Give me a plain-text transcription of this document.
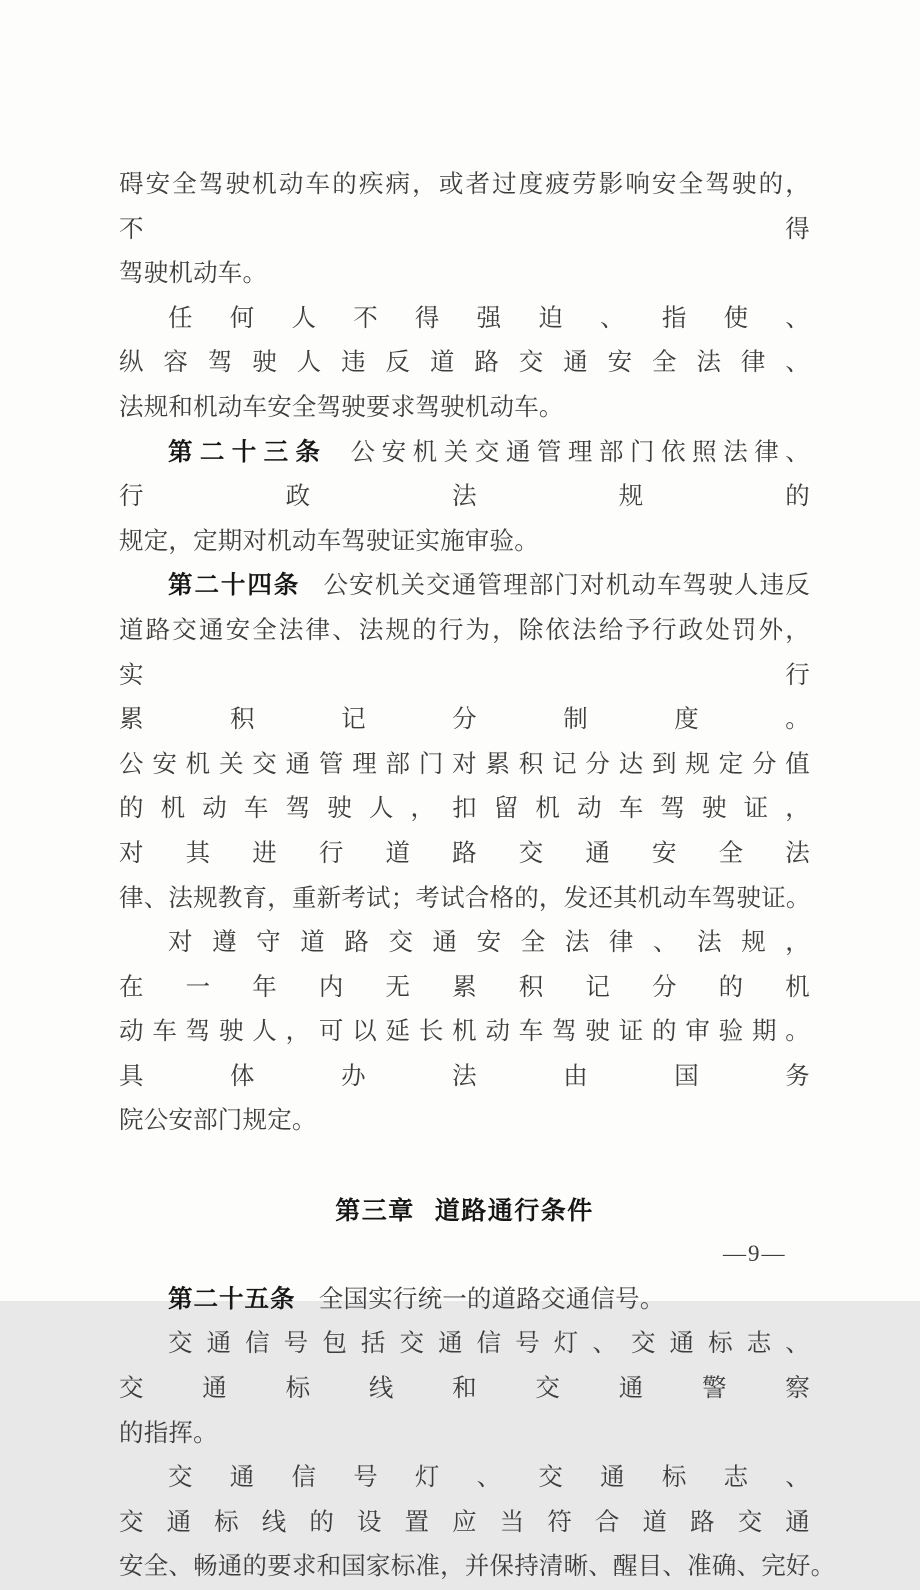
碍安全驾驶机动车的疾病，或者过度疲劳影响安全驾驶的，不得
驾驶机动车。
任何人不得强迫、指使、纵容驾驶人违反道路交通安全法律、
法规和机动车安全驾驶要求驾驶机动车。
第二十三条 公安机关交通管理部门依照法律、行政法规的
规定，定期对机动车驾驶证实施审验。
第二十四条 公安机关交通管理部门对机动车驾驶人违反
道路交通安全法律、法规的行为，除依法给予行政处罚外，实行
累积记分制度。公安机关交通管理部门对累积记分达到规定分值
的机动车驾驶人，扣留机动车驾驶证，对其进行道路交通安全法
律、法规教育，重新考试；考试合格的，发还其机动车驾驶证。
对遵守道路交通安全法律、法规，在一年内无累积记分的机
动车驾驶人，可以延长机动车驾驶证的审验期。具体办法由国务
院公安部门规定。
第三章 道路通行条件
第二十五条 全国实行统一的道路交通信号。
交通信号包括交通信号灯、交通标志、交通标线和交通警察
的指挥。
交通信号灯、交通标志、交通标线的设置应当符合道路交通
安全、畅通的要求和国家标准，并保持清晰、醒目、准确、完好。
—9—
